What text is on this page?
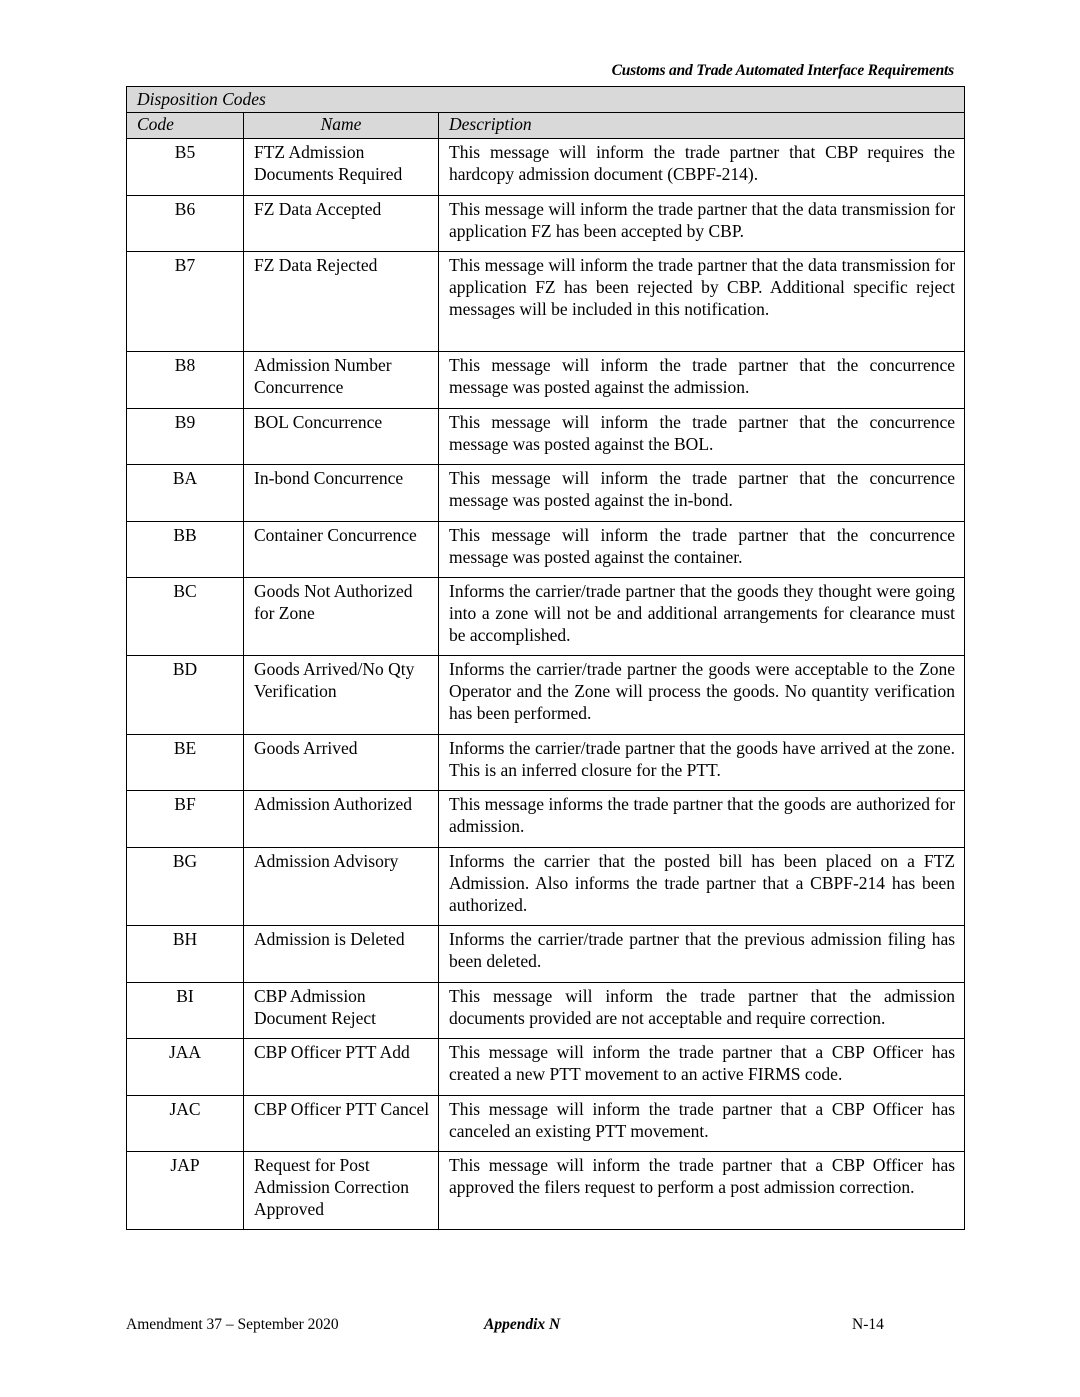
Customs and Trade Automated Interface Requirements
Disposition Codes		
Code	Name	Description
B5	FTZ Admission Documents Required	This message will inform the trade partner that CBP requires the hardcopy admission document (CBPF-214).
B6	FZ Data Accepted	This message will inform the trade partner that the data transmission for application FZ has been accepted by CBP.
B7	FZ Data Rejected	This message will inform the trade partner that the data transmission for application FZ has been rejected by CBP. Additional specific reject messages will be included in this notification.
B8	Admission Number Concurrence	This message will inform the trade partner that the concurrence message was posted against the admission.
B9	BOL Concurrence	This message will inform the trade partner that the concurrence message was posted against the BOL.
BA	In-bond Concurrence	This message will inform the trade partner that the concurrence message was posted against the in-bond.
BB	Container Concurrence	This message will inform the trade partner that the concurrence message was posted against the container.
BC	Goods Not Authorized for Zone	Informs the carrier/trade partner that the goods they thought were going into a zone will not be and additional arrangements for clearance must be accomplished.
BD	Goods Arrived/No Qty Verification	Informs the carrier/trade partner the goods were acceptable to the Zone Operator and the Zone will process the goods. No quantity verification has been performed.
BE	Goods Arrived	Informs the carrier/trade partner that the goods have arrived at the zone. This is an inferred closure for the PTT.
BF	Admission Authorized	This message informs the trade partner that the goods are authorized for admission.
BG	Admission Advisory	Informs the carrier that the posted bill has been placed on a FTZ Admission. Also informs the trade partner that a CBPF-214 has been authorized.
BH	Admission is Deleted	Informs the carrier/trade partner that the previous admission filing has been deleted.
BI	CBP Admission Document Reject	This message will inform the trade partner that the admission documents provided are not acceptable and require correction.
JAA	CBP Officer PTT Add	This message will inform the trade partner that a CBP Officer has created a new PTT movement to an active FIRMS code.
JAC	CBP Officer PTT Cancel	This message will inform the trade partner that a CBP Officer has canceled an existing PTT movement.
JAP	Request for Post Admission Correction Approved	This message will inform the trade partner that a CBP Officer has approved the filers request to perform a post admission correction.
Amendment 37 – September 2020	Appendix N	N-14
